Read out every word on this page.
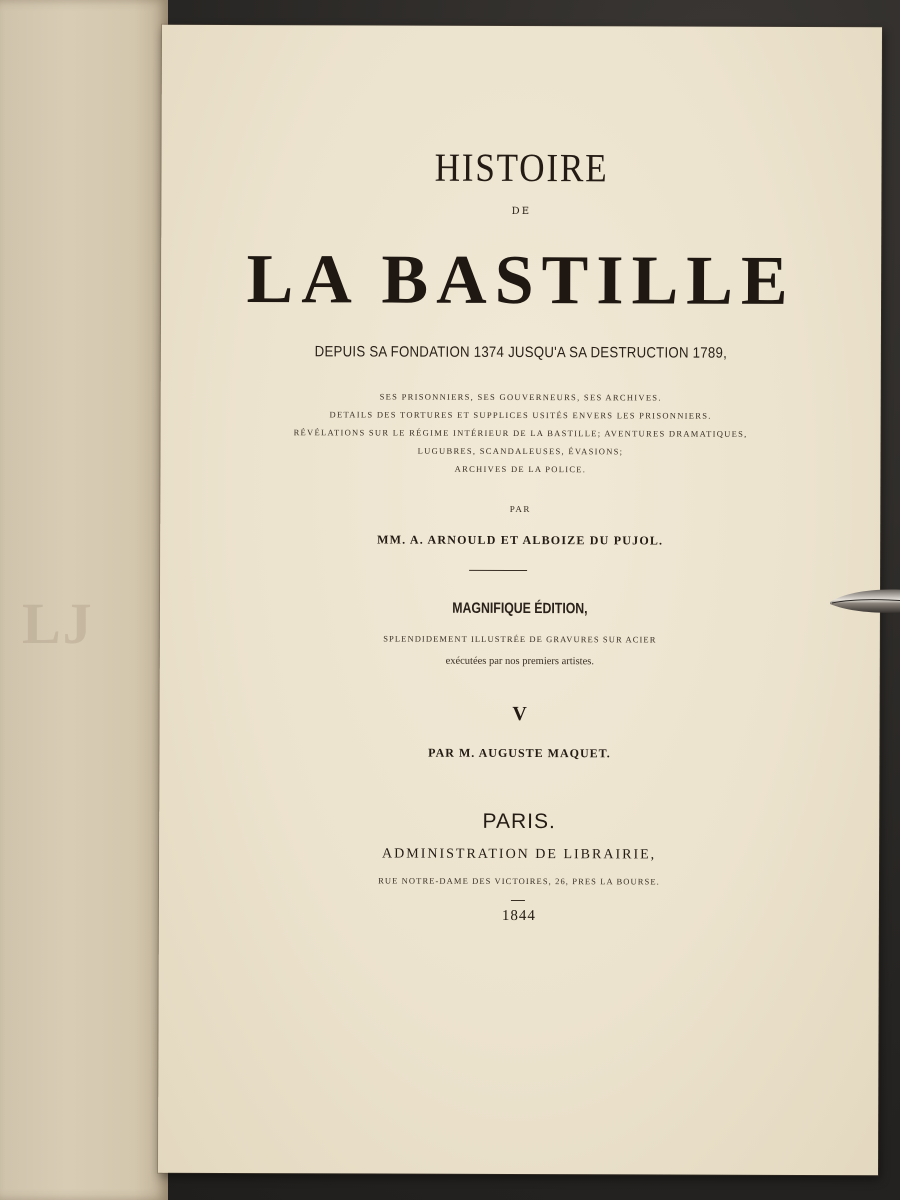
LJ
HISTOIRE
DE
LA BASTILLE
DEPUIS SA FONDATION 1374 JUSQU'A SA DESTRUCTION 1789,
SES PRISONNIERS, SES GOUVERNEURS, SES ARCHIVES.
DETAILS DES TORTURES ET SUPPLICES USITÉS ENVERS LES PRISONNIERS.
RÉVÉLATIONS SUR LE RÉGIME INTÉRIEUR DE LA BASTILLE; AVENTURES DRAMATIQUES,
LUGUBRES, SCANDALEUSES, ÉVASIONS;
ARCHIVES DE LA POLICE.
PAR
MM. A. ARNOULD ET ALBOIZE DU PUJOL.
MAGNIFIQUE ÉDITION,
SPLENDIDEMENT ILLUSTRÉE DE GRAVURES SUR ACIER
exécutées par nos premiers artistes.
V
PAR M. AUGUSTE MAQUET.
PARIS.
ADMINISTRATION DE LIBRAIRIE,
RUE NOTRE-DAME DES VICTOIRES, 26, PRES LA BOURSE.
1844
